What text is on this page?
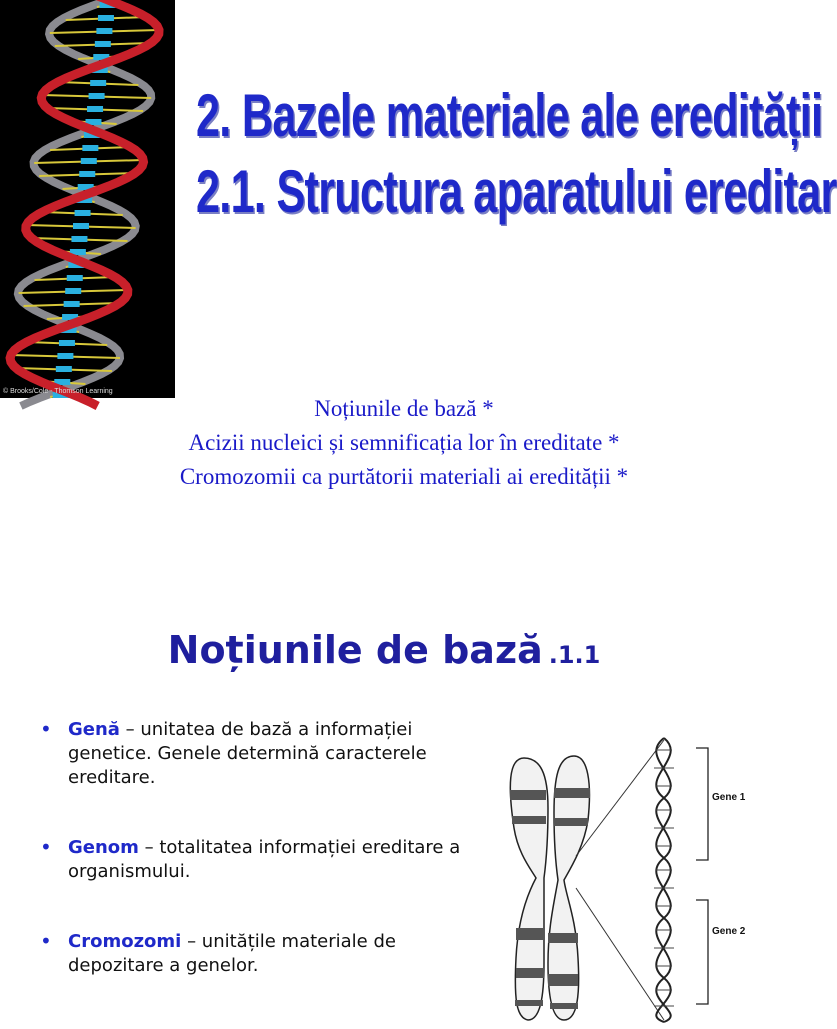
© Brooks/Cole - Thomson Learning
2. Bazele materiale ale eredității
2.1. Structura aparatului ereditar
Noțiunile de bază *
Acizii nucleici și semnificația lor în ereditate *
Cromozomii ca purtătorii materiali ai eredității *
Noțiunile de bază .1.1
• Genă – unitatea de bază a informației genetice. Genele determină caracterele ereditare.
• Genom – totalitatea informației ereditare a organismului.
• Cromozomi – unitățile materiale de depozitare a genelor.
Gene 1
Gene 2
